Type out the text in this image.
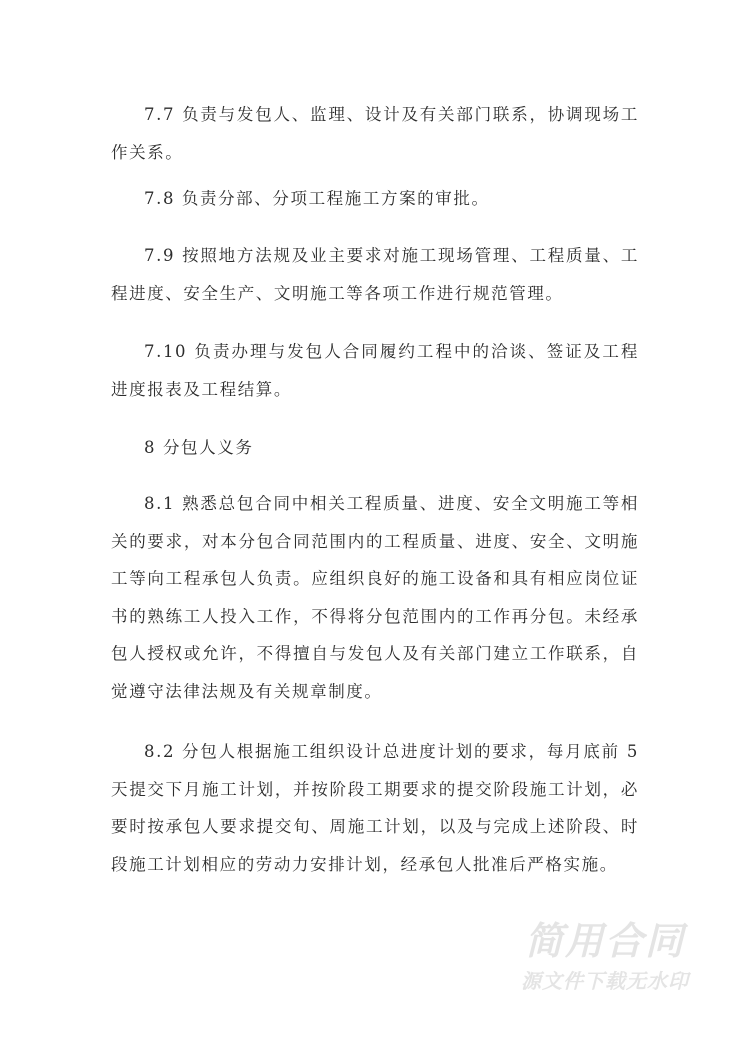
7.7 负责与发包人、监理、设计及有关部门联系，协调现场工作关系。
7.8 负责分部、分项工程施工方案的审批。
7.9 按照地方法规及业主要求对施工现场管理、工程质量、工程进度、安全生产、文明施工等各项工作进行规范管理。
7.10 负责办理与发包人合同履约工程中的洽谈、签证及工程进度报表及工程结算。
8 分包人义务
8.1 熟悉总包合同中相关工程质量、进度、安全文明施工等相关的要求，对本分包合同范围内的工程质量、进度、安全、文明施工等向工程承包人负责。应组织良好的施工设备和具有相应岗位证书的熟练工人投入工作，不得将分包范围内的工作再分包。未经承包人授权或允许，不得擅自与发包人及有关部门建立工作联系，自觉遵守法律法规及有关规章制度。
8.2 分包人根据施工组织设计总进度计划的要求，每月底前 5 天提交下月施工计划，并按阶段工期要求的提交阶段施工计划，必要时按承包人要求提交旬、周施工计划，以及与完成上述阶段、时段施工计划相应的劳动力安排计划，经承包人批准后严格实施。
简用合同
源文件下载无水印
